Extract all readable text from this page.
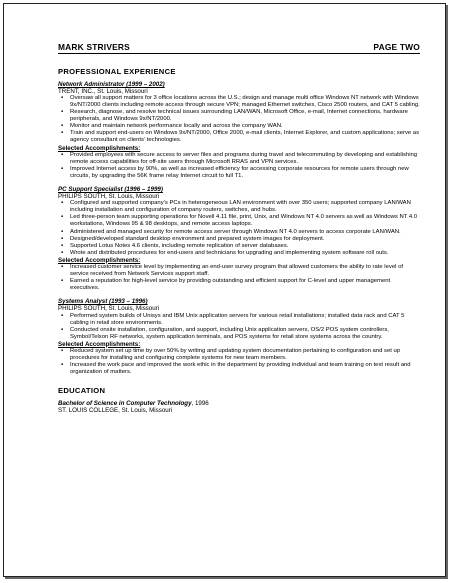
MARK STRIVERS	PAGE TWO
PROFESSIONAL EXPERIENCE
Network Administrator (1999 – 2002)
TRENT, INC., St. Louis, Missouri
▪ Oversaw all support matters for 3 office locations across the U.S.; design and manage multi office Windows NT network with Windows 9x/NT/2000 clients including remote access through secure VPN; managed Ethernet switches, Cisco 2500 routers, and CAT 5 cabling.
▪ Research, diagnose, and resolve technical issues surrounding LAN/WAN, Microsoft Office, e-mail, Internet connections, hardware peripherals, and Windows 9x/NT/2000.
▪ Monitor and maintain network performance locally and across the company WAN.
▪ Train and support end-users on Windows 9x/NT/2000, Office 2000, e-mail clients, Internet Explorer, and custom applications; serve as agency consultant on clients’ technologies.
Selected Accomplishments:
▪ Provided employees with secure access to server files and programs during travel and telecommuting by developing and establishing remote access capabilities for off-site users through Microsoft RRAS and VPN services.
▪ Improved Internet access by 90%, as well as increased efficiency for accessing corporate resources for remote users through new circuits, by upgrading the 56K frame relay Internet circuit to full T1.
PC Support Specialist (1996 – 1999)
PHILIPS SOUTH, St. Louis, Missouri
▪ Configured and supported company’s PCs in heterogeneous LAN environment with over 350 users; supported company LAN/WAN including installation and configuration of company routers, switches, and hubs.
▪ Led three-person team supporting operations for Novell 4.11 file, print, Unix, and Windows NT 4.0 servers as well as Windows NT 4.0 workstations, Windows 95 & 98 desktops, and remote access laptops.
▪ Administered and managed security for remote access server through Windows NT 4.0 servers to access corporate LAN/WAN.
▪ Designed/developed standard desktop environment and prepared system images for deployment.
▪ Supported Lotus Notes 4.6 clients, including remote replication of server databases.
▪ Wrote and distributed procedures for end-users and technicians for upgrading and implementing system software roll outs.
Selected Accomplishments:
▪ Increased customer service level by implementing an end-user survey program that allowed customers the ability to rate level of service received from Network Services support staff.
▪ Earned a reputation for high-level service by providing outstanding and efficient support for C-level and upper management executives.
Systems Analyst (1993 – 1996)
PHILIPS SOUTH, St. Louis, Missouri
▪ Performed system builds of Unisys and IBM Unix application servers for various retail installations; installed data rack and CAT 5 cabling in retail store environments.
▪ Conducted onsite installation, configuration, and support, including Unix application servers, OS/2 POS system controllers, Symbol/Telxon RF networks, system application terminals, and POS systems for retail store systems across the country.
Selected Accomplishments:
▪ Reduced system set up time by over 50% by writing and updating system documentation pertaining to configuration and set up procedures for installing and configuring complete systems for new team members.
▪ Increased the work pace and improved the work ethic in the department by providing individual and team training on text result and organization of matters.
EDUCATION
Bachelor of Science in Computer Technology, 1996
ST. LOUIS COLLEGE, St. Louis, Missouri
